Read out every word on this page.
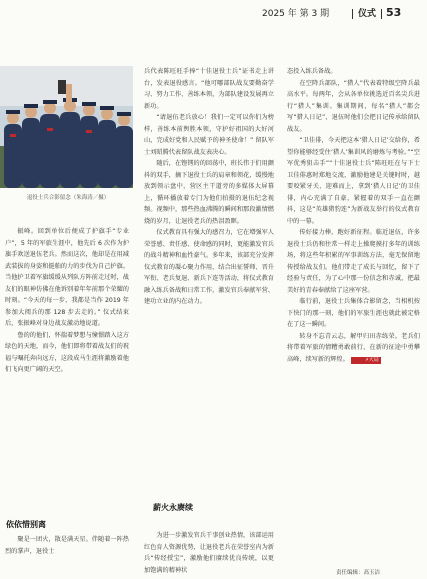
2025 年 第 3 期	仪式 53
退役士兵合影留念（朱海涛／摄）

振峰。回到单位后便成了护旗手“专业户”，5 年的军旅生涯中，他先后 6 次作为护旗手欢送退伍老兵。然而这次，他却是在用减武装拔的身姿和挺舶的力的步伐为自己护旗。当他护卫着军旗缓缓从列队方阵前走过时，战友们的眼神仿佛在他诉别着年年前那个荣耀的时刻。“今天的每一步，我都是当作 2019 年参加大阅兵的那 128 步去走的。” 仪式结束后，张振峰对身边战友激动地说道。

鲁的的他们，怀揣着梦想与憧憬踏入这方绿色的天地，而今，他们即将带着战友们的祝福与嘱托奔向远方，这段成马生涯将激励着他们飞向更广阔的天空。

依依惜别离

聚是一团火，散是满天星。伴随着一阵热烈的掌声，退役士

兵代表陈旺旺手捧“十佳退役士兵”证书走上讲台，发表退役感言。“他可哪部队战友要勤奋学习、努力工作、善练本领，为部队建设发展再立新功。

“请退伍老兵放心！我们一定可以你们为榜样，善练本前舆胜本领，守护好祖国的大好河山，完成好党和人民赋予的神圣使命！” 留队军士刘昭腾代表留队战友表决心。

随后，在铿铐的的回荡中，班长伟于们用颤抖的双手，摘下退役士兵的肩章和领花，缓慢地放到领示盘中，营区主干道旁的多媒体大屏幕上，循环播放着专门为他们拍摄的退伍纪念视频。视频中，那些热血沸腾的瞬间和那段激情燃烧的岁月，让退役老兵的热泪盈眶。

仪式教育具有强大的感召力，它在增强军人荣誉感、责任感、使命感的同时，更能激发官兵的战斗精神和血性豪气。多年来，该部充分发挥仪式教育的凝心聚力作用，结合出征誓师、晋升军衔、老兵复退、新兵下连等活动，将仪式教育融入练兵备战和日常工作，激发官兵奉献军营、建功立业的内在动力。

薪火永赓续

为进一步激发官兵干事创业热情，该部运用红色育人资源优势，让退役老兵在荣誉室内为新兵“传经授宝”，激励他们赓续优良传统，以更加饱满的精神状

态投入练兵备战。

在空降兵部队，“猎人”代表着特级空降兵最高水平。每两年，会从各单位挑选近百名尖兵进行“猎人”集训。集训期间，每名“猎人”都会写“猎人日记”，退伍时他们会把日记传承给留队战友。

“卫佳俳，今天把这本‘猎人日记’交给你，希望你能够经受住‘猎人’集训风的磨炼与考验。”“空军优秀狙击手”“十佳退役士兵”陈旺旺在与下士卫佳俳惠时郑地交流，激励他建是关键时时，越要咬紧牙关、迎难而上，拿到‘猎人日记’的卫佳俳，内心充满了自豪，紧握着的双手一直在颤抖，这是“英雄猎豹连”为新战友举行的仪式教育中的一幕。

传好接力棒，跑好新征程。临近退伍，许多退役士兵仍和往常一样走上操爬摸打多年的训练场，将这些年积累的军事训练方法、毫无保留地传授给战友们。他们带走了成长与回忆，留下了经验与责任，为了心中那一份信念和赤诚，把最美好的青春奉献给了这座军营。

临行前，退役士兵集体合影留念，当相机按下快门的那一刻，他们的军旅生涯也就此被定格在了这一瞬间。

转身不忘青云志，解甲归田赤练荣。老兵们将带着军旅的情糟勇敢前行，在新的征途中勇攀高峰，续写新的辉煌。	⚡大局

责任编辑：高玉洁
